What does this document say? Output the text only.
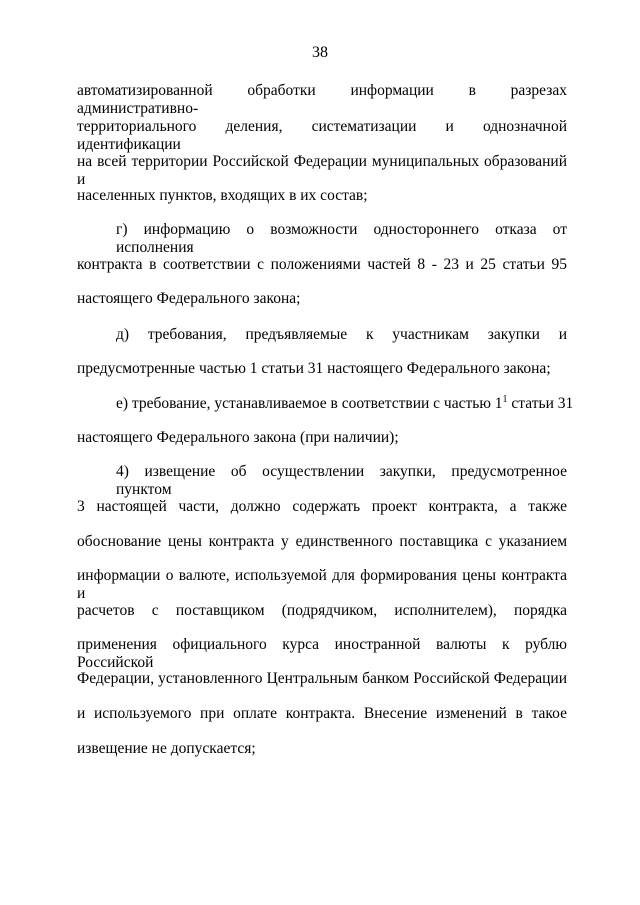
38
автоматизированной обработки информации в разрезах административно-
территориального деления, систематизации и однозначной идентификации
на всей территории Российской Федерации муниципальных образований и
населенных пунктов, входящих в их состав;
г) информацию о возможности одностороннего отказа от исполнения
контракта в соответствии с положениями частей 8 - 23 и 25 статьи 95
настоящего Федерального закона;
д) требования, предъявляемые к участникам закупки и
предусмотренные частью 1 статьи 31 настоящего Федерального закона;
е) требование, устанавливаемое в соответствии с частью $1^1$ статьи 31
настоящего Федерального закона (при наличии);
4) извещение об осуществлении закупки, предусмотренное пунктом
3 настоящей части, должно содержать проект контракта, а также
обоснование цены контракта у единственного поставщика с указанием
информации о валюте, используемой для формирования цены контракта и
расчетов с поставщиком (подрядчиком, исполнителем), порядка
применения официального курса иностранной валюты к рублю Российской
Федерации, установленного Центральным банком Российской Федерации
и используемого при оплате контракта. Внесение изменений в такое
извещение не допускается;
